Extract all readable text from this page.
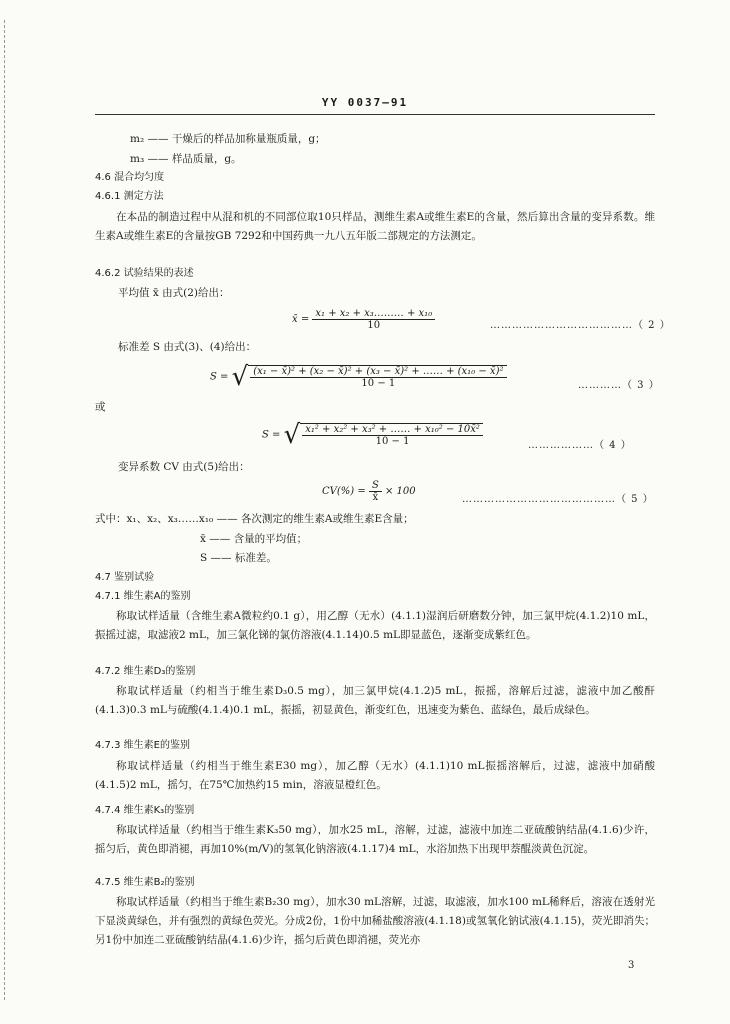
YY 0037—91
m₂ —— 干燥后的样品加称量瓶质量，g；
m₃ —— 样品质量，g。
4.6 混合均匀度
4.6.1 测定方法
在本品的制造过程中从混和机的不同部位取10只样品，测维生素A或维生素E的含量，然后算出含量的变异系数。维生素A或维生素E的含量按GB 7292和中国药典一九八五年版二部规定的方法测定。
4.6.2 试验结果的表述
平均值 x̄ 由式(2)给出：
x̄ = $\frac{\text{x₁ + x₂ + x₃……… + x₁₀}}{10}$	…………………………………（ 2 ）
标准差 S 由式(3)、(4)给出：
S = √ $\frac{\text{(x₁ − x̄)² + (x₂ − x̄)² + (x₃ − x̄)² + …… + (x₁₀ − x̄)²}}{10 - 1}$	…………（ 3 ）
或
S = √ $\frac{\text{x₁² + x₂² + x₃² + …… + x₁₀² − 10x̄²}}{10 - 1}$	………………（ 4 ）
变异系数 CV 由式(5)给出：
$CV(\%) = \frac{S}{x̄} \times 100$
……………………………………（ 5 ）
式中：x₁、x₂、x₃……x₁₀ —— 各次测定的维生素A或维生素E含量；
x̄ —— 含量的平均值；
S —— 标准差。
4.7 鉴别试验
4.7.1 维生素A的鉴别
称取试样适量（含维生素A微粒约0.1 g），用乙醇（无水）(4.1.1)湿润后研磨数分钟，加三氯甲烷(4.1.2)10 mL，振摇过滤，取滤液2 mL，加三氯化锑的氯仿溶液(4.1.14)0.5 mL即显蓝色，逐渐变成紫红色。
4.7.2 维生素D₃的鉴别
称取试样适量（约相当于维生素D₃0.5 mg），加三氯甲烷(4.1.2)5 mL，振摇，溶解后过滤，滤液中加乙酸酐(4.1.3)0.3 mL与硫酸(4.1.4)0.1 mL，振摇，初显黄色，渐变红色，迅速变为紫色、蓝绿色，最后成绿色。
4.7.3 维生素E的鉴别
称取试样适量（约相当于维生素E30 mg），加乙醇（无水）(4.1.1)10 mL振摇溶解后，过滤，滤液中加硝酸(4.1.5)2 mL，摇匀，在75℃加热约15 min，溶液显橙红色。
4.7.4 维生素K₃的鉴别
称取试样适量（约相当于维生素K₃50 mg），加水25 mL，溶解，过滤，滤液中加连二亚硫酸钠结晶(4.1.6)少许，摇匀后，黄色即消褪，再加10%(m/V)的氢氧化钠溶液(4.1.17)4 mL，水浴加热下出现甲萘醌淡黄色沉淀。
4.7.5 维生素B₂的鉴别
称取试样适量（约相当于维生素B₂30 mg），加水30 mL溶解，过滤，取滤液，加水100 mL稀释后，溶液在透射光下显淡黄绿色，并有强烈的黄绿色荧光。分成2份，1份中加稀盐酸溶液(4.1.18)或氢氧化钠试液(4.1.15)，荧光即消失；另1份中加连二亚硫酸钠结晶(4.1.6)少许，摇匀后黄色即消褪，荧光亦
3
